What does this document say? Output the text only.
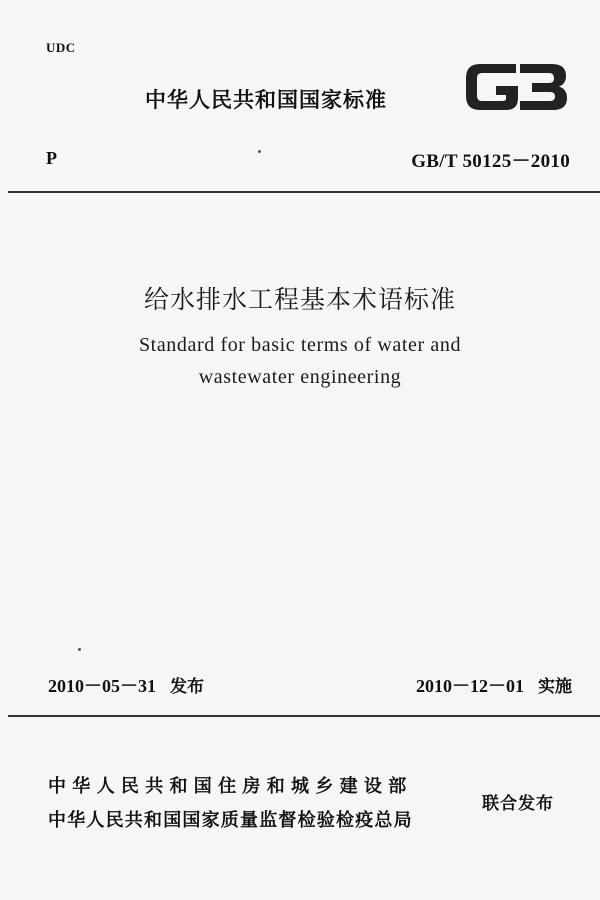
UDC
中华人民共和国国家标准
P	GB/T 50125－2010
给水排水工程基本术语标准
Standard for basic terms of water and
wastewater engineering
2010－05－31 发布	2010－12－01 实施
中华人民共和国住房和城乡建设部
中华人民共和国国家质量监督检验检疫总局
联合发布
